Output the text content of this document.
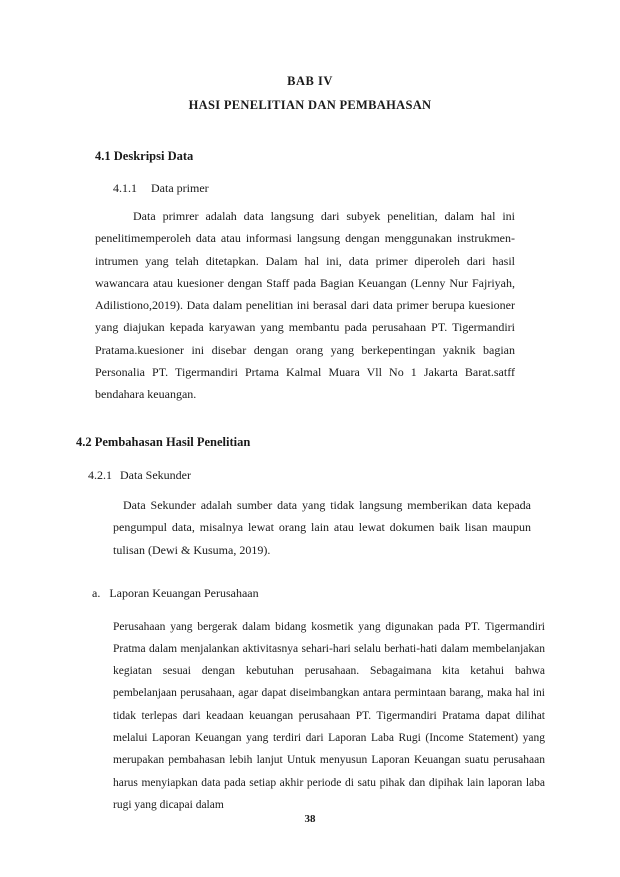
BAB IV
HASI PENELITIAN DAN PEMBAHASAN
4.1 Deskripsi Data
4.1.1 Data primer

Data primrer adalah data langsung dari subyek penelitian, dalam hal ini penelitimemperoleh data atau informasi langsung dengan menggunakan instrukmen-intrumen yang telah ditetapkan. Dalam hal ini, data primer diperoleh dari hasil wawancara atau kuesioner dengan Staff pada Bagian Keuangan (Lenny Nur Fajriyah, Adilistiono,2019). Data dalam penelitian ini berasal dari data primer berupa kuesioner yang diajukan kepada karyawan yang membantu pada perusahaan PT. Tigermandiri Pratama.kuesioner ini disebar dengan orang yang berkepentingan yaknik bagian Personalia PT. Tigermandiri Prtama Kalmal Muara Vll No 1 Jakarta Barat.satff bendahara keuangan.

4.2 Pembahasan Hasil Penelitian
4.2.1 Data Sekunder

Data Sekunder adalah sumber data yang tidak langsung memberikan data kepada pengumpul data, misalnya lewat orang lain atau lewat dokumen baik lisan maupun tulisan (Dewi & Kusuma, 2019).

a. Laporan Keuangan Perusahaan

Perusahaan yang bergerak dalam bidang kosmetik yang digunakan pada PT. Tigermandiri Pratma dalam menjalankan aktivitasnya sehari-hari selalu berhati-hati dalam membelanjakan kegiatan sesuai dengan kebutuhan perusahaan. Sebagaimana kita ketahui bahwa pembelanjaan perusahaan, agar dapat diseimbangkan antara permintaan barang, maka hal ini tidak terlepas dari keadaan keuangan perusahaan PT. Tigermandiri Pratama dapat dilihat melalui Laporan Keuangan yang terdiri dari Laporan Laba Rugi (Income Statement) yang merupakan pembahasan lebih lanjut Untuk menyusun Laporan Keuangan suatu perusahaan harus menyiapkan data pada setiap akhir periode di satu pihak dan dipihak lain laporan laba rugi yang dicapai dalam

38
